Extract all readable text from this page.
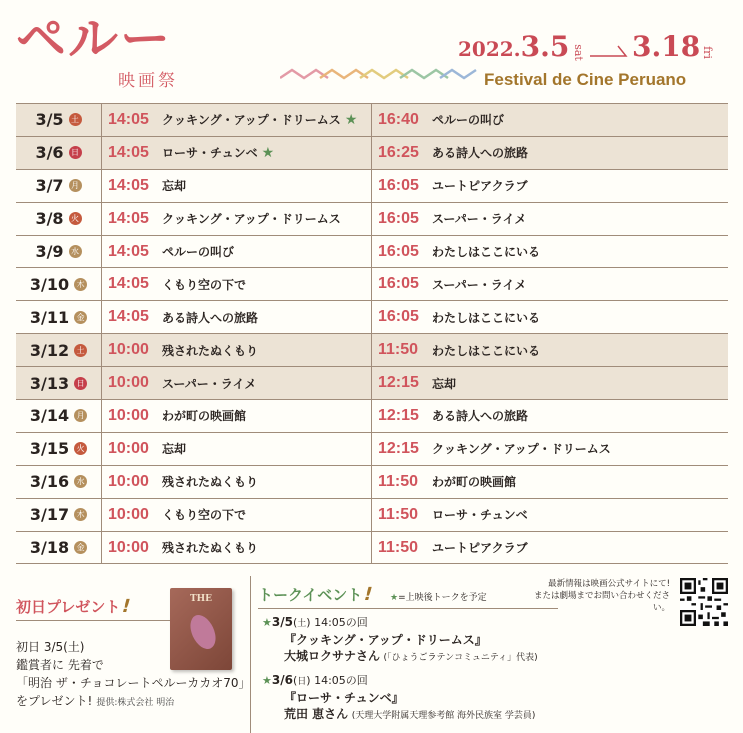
ペルー
映画祭
2022.3.5 sat 3.18fri
Festival de Cine Peruano
3/5 土 14:05	クッキング・アップ・ドリームス ★ 16:40	ペルーの叫び
3/6 日 14:05	ローサ・チュンベ ★	16:25	ある詩人への旅路
3/7 月 14:05	忘却	16:05	ユートピアクラブ
3/8 火 14:05	クッキング・アップ・ドリームス 16:05	スーパー・ライメ
3/9 水 14:05	ペルーの叫び	16:05	わたしはここにいる
3/10 木 14:05	くもり空の下で	16:05	スーパー・ライメ
3/11 金 14:05	ある詩人への旅路	16:05	わたしはここにいる
3/12 土 10:00	残されたぬくもり	11:50	わたしはここにいる
3/13 日 10:00	スーパー・ライメ	12:15	忘却
3/14 月 10:00	わが町の映画館	12:15	ある詩人への旅路
3/15 火 10:00	忘却	12:15	クッキング・アップ・ドリームス
3/16 水 10:00	残されたぬくもり	11:50	わが町の映画館
3/17 木 10:00	くもり空の下で	11:50	ローサ・チュンベ
3/18 金 10:00	残されたぬくもり	11:50	ユートピアクラブ
初日プレゼント!	THE
初日 3/5(土)
鑑賞者に 先着で
「明治 ザ・チョコレートペルーカカオ70」
をプレゼント! 提供:株式会社 明治
トークイベント! ★=上映後トークを予定
最新情報は映画公式サイトにて!
または劇場までお問い合わせください。
★3/5(土) 14:05の回
『クッキング・アップ・ドリームス』
大城ロクサナさん (「ひょうごラテンコミュニティ」代表)
★3/6(日) 14:05の回
『ローサ・チュンベ』
荒田 恵さん (天理大学附属天理参考館 海外民族室 学芸員)
